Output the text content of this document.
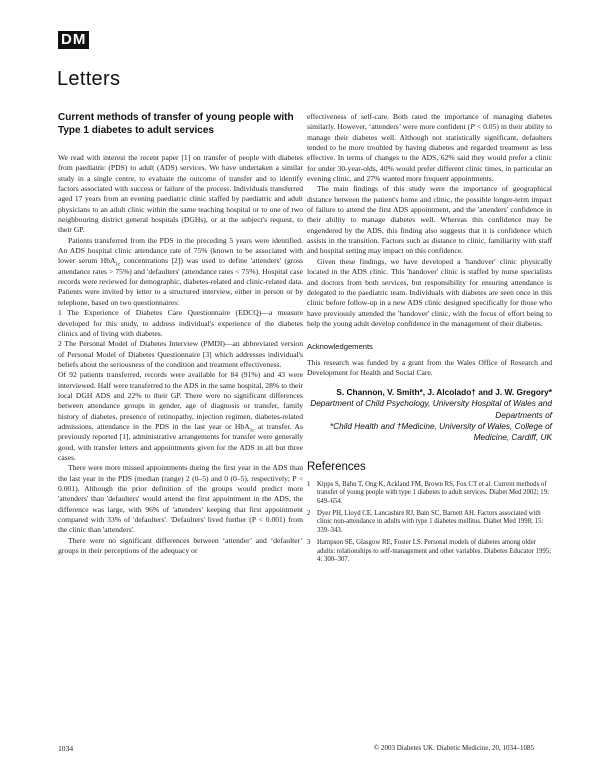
DM
Letters
Current methods of transfer of young people with Type 1 diabetes to adult services

We read with interest the recent paper [1] on transfer of people with diabetes from paediatric (PDS) to adult (ADS) services. We have undertaken a similar study in a single centre, to evaluate the outcome of transfer and to identify factors associated with success or failure of the process. Individuals transferred aged 17 years from an evening paediatric clinic staffed by paediatric and adult physicians to an adult clinic within the same teaching hospital or to one of two neighbouring district general hospitals (DGHs), or at the subject's request, to their GP.

Patients transferred from the PDS in the preceding 5 years were identified. An ADS hospital clinic attendance rate of 75% (known to be associated with lower serum HbA$_{1c}$ concentrations [2]) was used to define 'attenders' (gross attendance rates > 75%) and 'defaulters' (attendance rates < 75%). Hospital case records were reviewed for demographic, diabetes-related and clinic-related data. Patients were invited by letter to a structured interview, either in person or by telephone, based on two questionnaires:

1 The Experience of Diabetes Care Questionnaire (EDCQ)—a measure developed for this study, to address individual's experience of the diabetes clinics and of living with diabetes.

2 The Personal Model of Diabetes Interview (PMDI)—an abbreviated version of Personal Model of Diabetes Questionnaire [3] which addresses individual's beliefs about the seriousness of the condition and treatment effectiveness.

Of 92 patients transferred, records were available for 84 (91%) and 43 were interviewed. Half were transferred to the ADS in the same hospital, 28% to their local DGH ADS and 22% to their GP. There were no significant differences between attendance groups in gender, age of diagnosis or transfer, family history of diabetes, presence of retinopathy, injection regimen, diabetes-related admissions, attendance in the PDS in the last year or HbA$_{1c}$ at transfer. As previously reported [1], administrative arrangements for transfer were generally good, with transfer letters and appointments given for the ADS in all but three cases.

There were more missed appointments during the first year in the ADS than the last year in the PDS (median (range) 2 (0–5) and 0 (0–5), respectively; P < 0.001). Although the prior definition of the groups would predict more 'attenders' than 'defaulters' would attend the first appointment in the ADS, the difference was large, with 96% of 'attenders' keeping that first appointment compared with 33% of 'defaulters'. 'Defaulters' lived further (P < 0.001) from the clinic than 'attenders'.

There were no significant differences between ‘attender’ and ‘defaulter’ groups in their perceptions of the adequacy or

effectiveness of self-care. Both rated the importance of managing diabetes similarly. However, ‘attenders’ were more confident (P < 0.05) in their ability to manage their diabetes well. Although not statistically significant, defaulters tended to be more troubled by having diabetes and regarded treatment as less effective. In terms of changes to the ADS, 62% said they would prefer a clinic for under 30-year-olds, 40% would prefer different clinic times, in particular an evening clinic, and 27% wanted more frequent appointments.

The main findings of this study were the importance of geographical distance between the patient's home and clinic, the possible longer-term impact of failure to attend the first ADS appointment, and the 'attenders' confidence in their ability to manage diabetes well. Whereas this confidence may be engendered by the ADS, this finding also suggests that it is confidence which assists in the transition. Factors such as distance to clinic, familiarity with staff and hospital setting may impact on this confidence.

Given these findings, we have developed a 'handover' clinic physically located in the ADS clinic. This 'handover' clinic is staffed by nurse specialists and doctors from both services, but responsibility for ensuring attendance is delegated to the paediatric team. Individuals with diabetes are seen once in this clinic before follow-up in a new ADS clinic designed specifically for those who have previously attended the 'handover' clinic, with the focus of effort being to help the young adult develop confidence in the management of their diabetes.

Acknowledgements

This research was funded by a grant from the Wales Office of Research and Development for Health and Social Care.

S. Channon, V. Smith*, J. Alcolado† and J. W. Gregory*
Department of Child Psychology, University Hospital of Wales and Departments of
*Child Health and †Medicine, University of Wales, College of Medicine, Cardiff, UK
References
1 Kipps S, Bahu T, Ong K, Ackland FM, Brown RS, Fox CT et al. Current methods of transfer of young people with type 1 diabetes to adult services. Diabet Med 2002; 19: 649–654.
2 Dyer PH, Lloyd CE, Lancashire RJ, Bain SC, Barnett AH. Factors associated with clinic non-attendance in adults with type 1 diabetes mellitus. Diabet Med 1998; 15: 339–343.
3 Hampson SE, Glasgow RE, Foster LS. Personal models of diabetes among older adults: relationships to self-management and other variables. Diabetes Educator 1995; 4: 300–307.
1034	© 2003 Diabetes UK. Diabetic Medicine, 20, 1034–1085
